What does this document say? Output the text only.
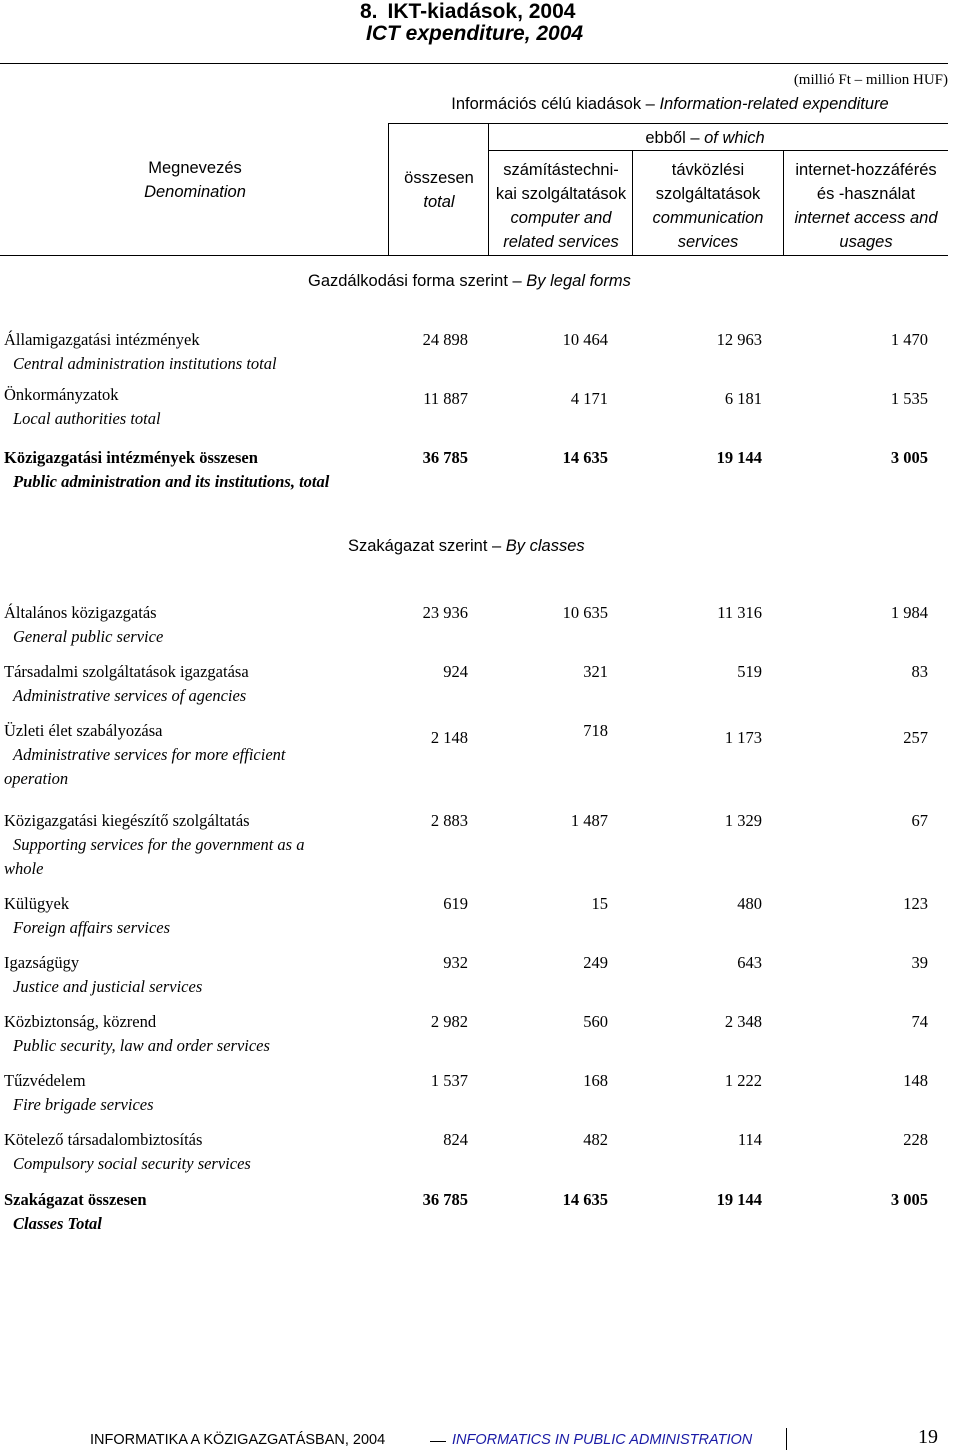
8. IKT-kiadások, 2004
ICT expenditure, 2004
(millió Ft – million HUF)
Megnevezés
Denomination
Információs célú kiadások – Information-related expenditure
ebből – of which
összesen
total
számítástechni-
kai szolgáltatások
computer and
related services
távközlési
szolgáltatások
communication
services
internet-hozzáférés
és -használat
internet access and
usages
Gazdálkodási forma szerint – By legal forms
Államigazgatási intézmények
Central administration institutions total
24 898	10 464	12 963	1 470
Önkormányzatok
Local authorities total
11 887	4 171	6 181	1 535
Közigazgatási intézmények összesen
Public administration and its institutions, total
36 785	14 635	19 144	3 005
Szakágazat szerint – By classes
Általános közigazgatás
General public service
23 936	10 635	11 316	1 984
Társadalmi szolgáltatások igazgatása
Administrative services of agencies
924	321	519	83
Üzleti élet szabályozása
Administrative services for more efficient
operation
2 148	718	1 173	257
Közigazgatási kiegészítő szolgáltatás
Supporting services for the government as a
whole
2 883	1 487	1 329	67
Külügyek
Foreign affairs services
619	15	480	123
Igazságügy
Justice and justicial services
932	249	643	39
Közbiztonság, közrend
Public security, law and order services
2 982	560	2 348	74
Tűzvédelem
Fire brigade services
1 537	168	1 222	148
Kötelező társadalombiztosítás
Compulsory social security services
824	482	114	228
Szakágazat összesen
Classes Total
36 785	14 635	19 144	3 005
INFORMATIKA A KÖZIGAZGATÁSBAN, 2004	INFORMATICS IN PUBLIC ADMINISTRATION	19
